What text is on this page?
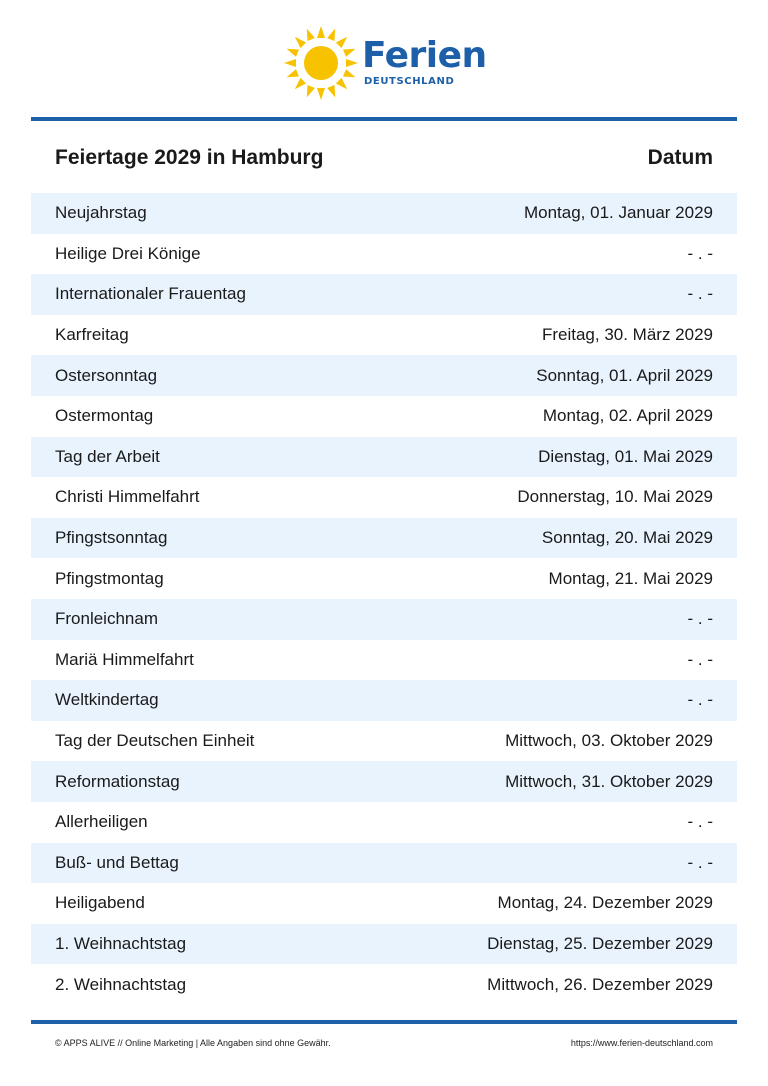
Ferien
DEUTSCHLAND
Feiertage 2029 in Hamburg	Datum
Neujahrstag	Montag, 01. Januar 2029
Heilige Drei Könige	- . -
Internationaler Frauentag	- . -
Karfreitag	Freitag, 30. März 2029
Ostersonntag	Sonntag, 01. April 2029
Ostermontag	Montag, 02. April 2029
Tag der Arbeit	Dienstag, 01. Mai 2029
Christi Himmelfahrt	Donnerstag, 10. Mai 2029
Pfingstsonntag	Sonntag, 20. Mai 2029
Pfingstmontag	Montag, 21. Mai 2029
Fronleichnam	- . -
Mariä Himmelfahrt	- . -
Weltkindertag	- . -
Tag der Deutschen Einheit	Mittwoch, 03. Oktober 2029
Reformationstag	Mittwoch, 31. Oktober 2029
Allerheiligen	- . -
Buß- und Bettag	- . -
Heiligabend	Montag, 24. Dezember 2029
1. Weihnachtstag	Dienstag, 25. Dezember 2029
2. Weihnachtstag	Mittwoch, 26. Dezember 2029
© APPS ALIVE // Online Marketing | Alle Angaben sind ohne Gewähr.	https://www.ferien-deutschland.com
